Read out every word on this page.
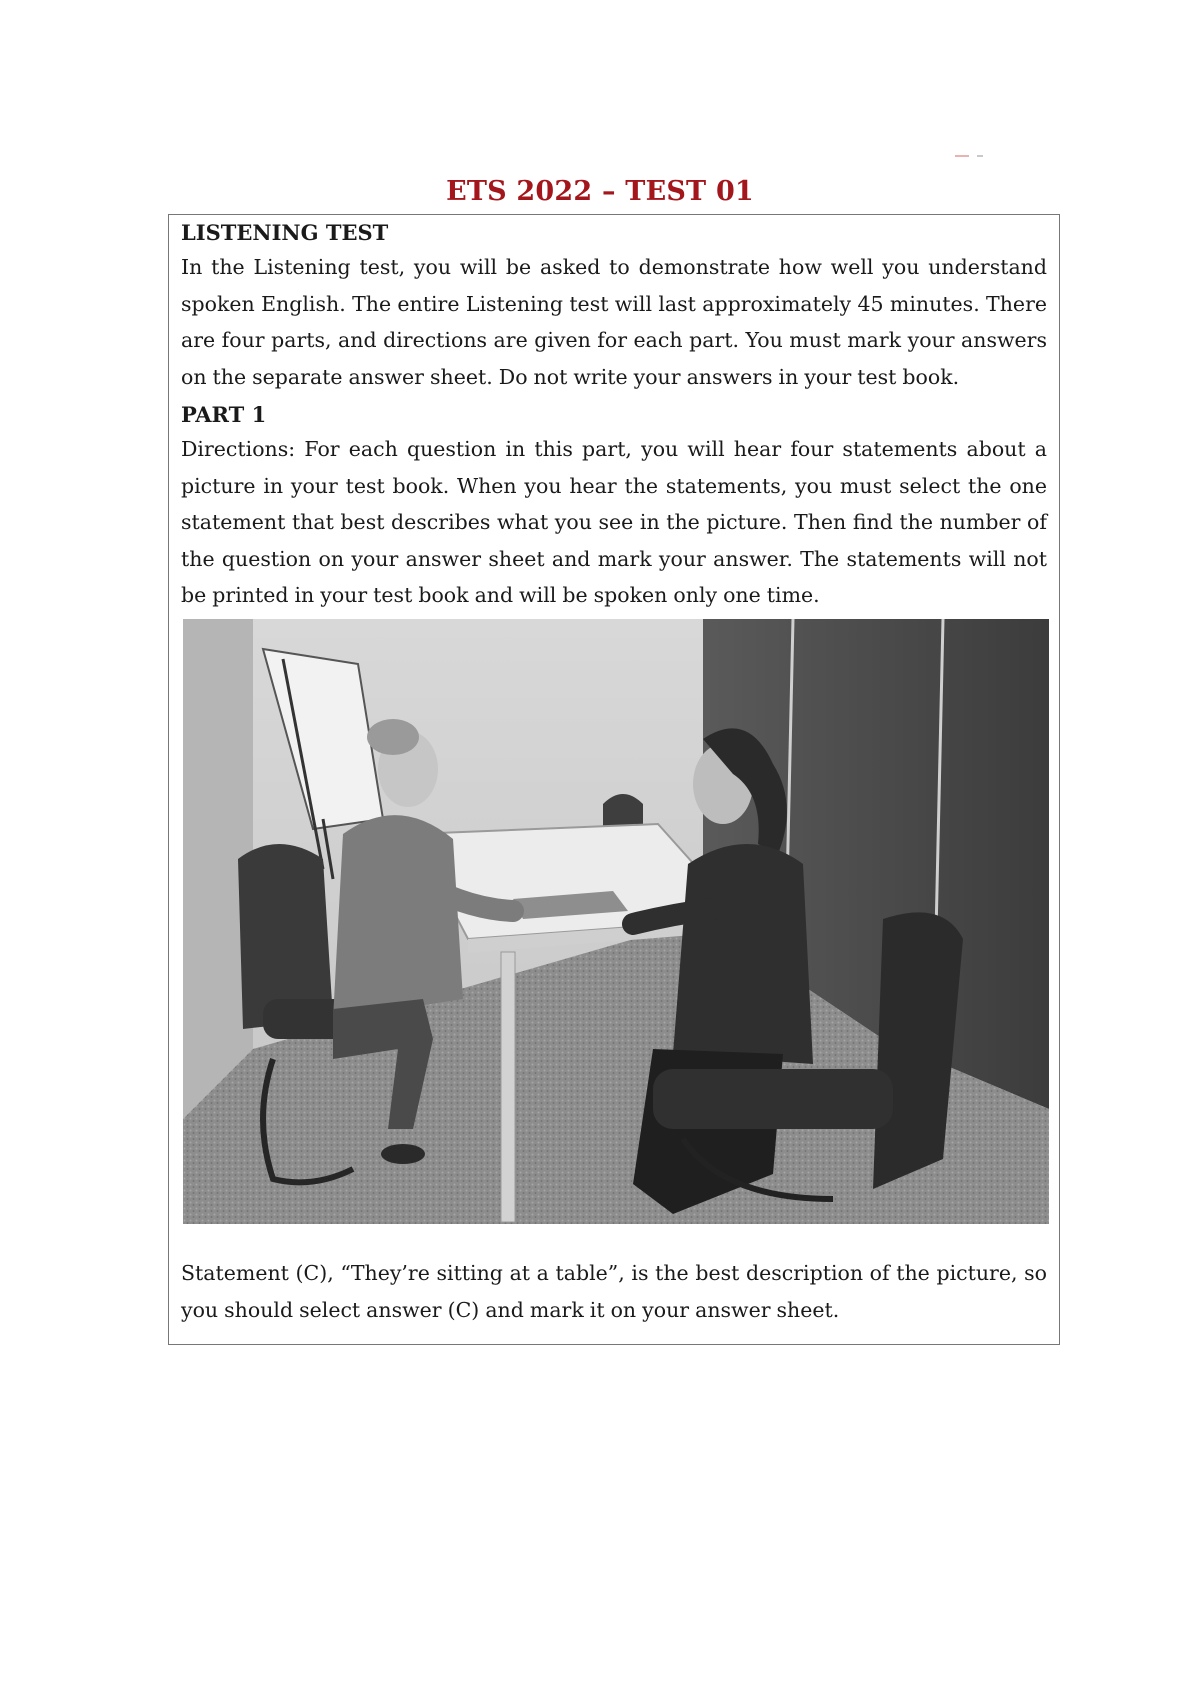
ETS 2022 – TEST 01
LISTENING TEST
In the Listening test, you will be asked to demonstrate how well you understand spoken English. The entire Listening test will last approximately 45 minutes. There are four parts, and directions are given for each part. You must mark your answers on the separate answer sheet. Do not write your answers in your test book.
PART 1
Directions: For each question in this part, you will hear four statements about a picture in your test book. When you hear the statements, you must select the one statement that best describes what you see in the picture. Then find the number of the question on your answer sheet and mark your answer. The statements will not be printed in your test book and will be spoken only one time.
Statement (C), “They’re sitting at a table”, is the best description of the picture, so you should select answer (C) and mark it on your answer sheet.
